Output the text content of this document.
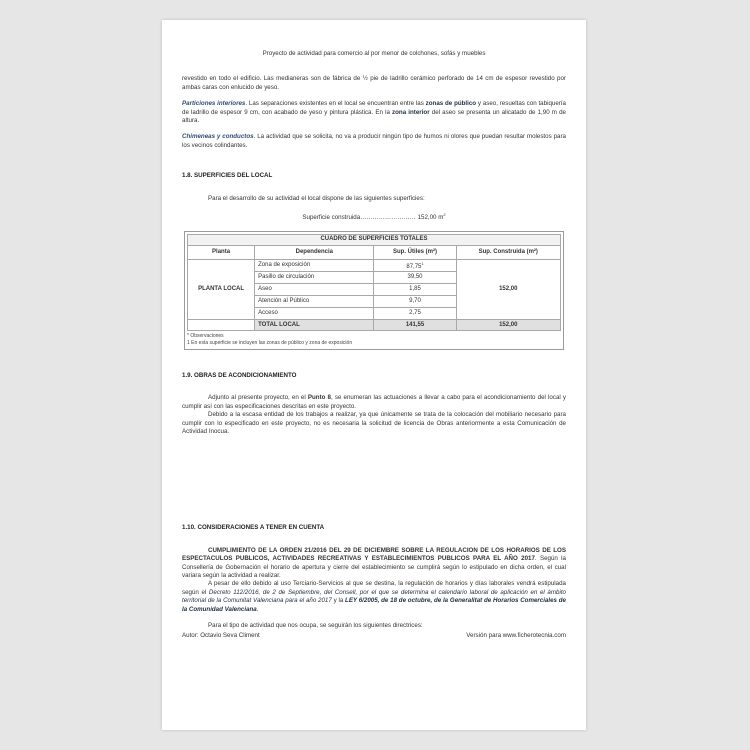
Proyecto de actividad para comercio al por menor de colchones, sofás y muebles

revestido en todo el edificio. Las medianeras son de fábrica de ½ pie de ladrillo cerámico perforado de 14 cm de espesor revestido por ambas caras con enlucido de yeso.

Particiones interiores. Las separaciones existentes en el local se encuentran entre las zonas de público y aseo, resueltas con tabiquería de ladrillo de espesor 9 cm, con acabado de yeso y pintura plástica. En la zona interior del aseo se presenta un alicatado de 1,90 m de altura.

Chimeneas y conductos. La actividad que se solicita, no va a producir ningún tipo de humos ni olores que puedan resultar molestos para los vecinos colindantes.

1.8. SUPERFICIES DEL LOCAL

Para el desarrollo de su actividad el local dispone de las siguientes superficies:

Superficie construida……………………… 152,00 $m^2$
CUADRO DE SUPERFICIES TOTALES			
Planta	Dependencia	Sup. Útiles (m²)	Sup. Construida (m²)
PLANTA LOCAL	Zona de exposición	87,75$^1$	152,00
	Pasillo de circulación	39,50	
	Aseo	1,85	
	Atención al Público	9,70	
	Acceso	2,75	
	TOTAL LOCAL	141,55	152,00
* Observaciones
1 En esta superficie se incluyen las zonas de público y zona de exposición
1.9. OBRAS DE ACONDICIONAMIENTO

Adjunto al presente proyecto, en el Punto 8, se enumeran las actuaciones a llevar a cabo para el acondicionamiento del local y cumplir así con las especificaciones descritas en este proyecto.

Debido a la escasa entidad de los trabajos a realizar, ya que únicamente se trata de la colocación del mobiliario necesario para cumplir con lo especificado en este proyecto, no es necesaria la solicitud de licencia de Obras anteriormente a esta Comunicación de Actividad Inocua.

1.10. CONSIDERACIONES A TENER EN CUENTA

CUMPLIMIENTO DE LA ORDEN 21/2016 DEL 29 DE DICIEMBRE SOBRE LA REGULACION DE LOS HORARIOS DE LOS ESPECTACULOS PUBLICOS, ACTIVIDADES RECREATIVAS Y ESTABLECIMIENTOS PUBLICOS PARA EL AÑO 2017. Según la Consellería de Gobernación el horario de apertura y cierre del establecimiento se cumplirá según lo estipulado en dicha orden, el cual variara según la actividad a realizar.

A pesar de ello debido al uso Terciario-Servicios al que se destina, la regulación de horarios y días laborales vendrá estipulada según el Decreto 112/2016, de 2 de Septiembre, del Consell, por el que se determina el calendario laboral de aplicación en el ámbito territorial de la Comunitat Valenciana para el año 2017 y la LEY 6/2005, de 18 de octubre, de la Generalitat de Horarios Comerciales de la Comunidad Valenciana.

Para el tipo de actividad que nos ocupa, se seguirán los siguientes directrices:

Autor: Octavio Seva Climent	Versión para www.ficherotecnia.com
